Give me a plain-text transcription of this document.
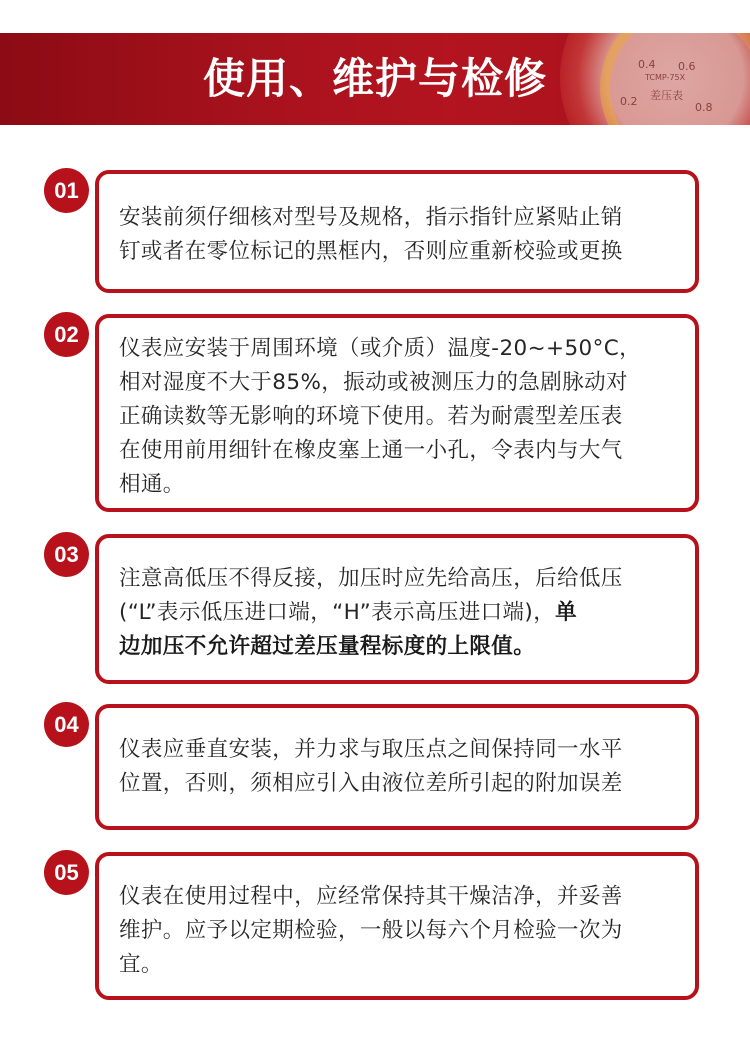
0.4 0.6
0.2	0.8
TCMP-75X
差压表
使用、维护与检修
01
安装前须仔细核对型号及规格，指示指针应紧贴止销
钉或者在零位标记的黑框内，否则应重新校验或更换
02
仪表应安装于周围环境（或介质）温度-20~+50°C，
相对湿度不大于85%，振动或被测压力的急剧脉动对
正确读数等无影响的环境下使用。若为耐震型差压表
在使用前用细针在橡皮塞上通一小孔，令表内与大气
相通。
03
注意高低压不得反接，加压时应先给高压，后给低压
(“L”表示低压进口端，“H”表示高压进口端)，单
边加压不允许超过差压量程标度的上限值。
04
仪表应垂直安装，并力求与取压点之间保持同一水平
位置，否则，须相应引入由液位差所引起的附加误差
05
仪表在使用过程中，应经常保持其干燥洁净，并妥善
维护。应予以定期检验，一般以每六个月检验一次为
宜。
